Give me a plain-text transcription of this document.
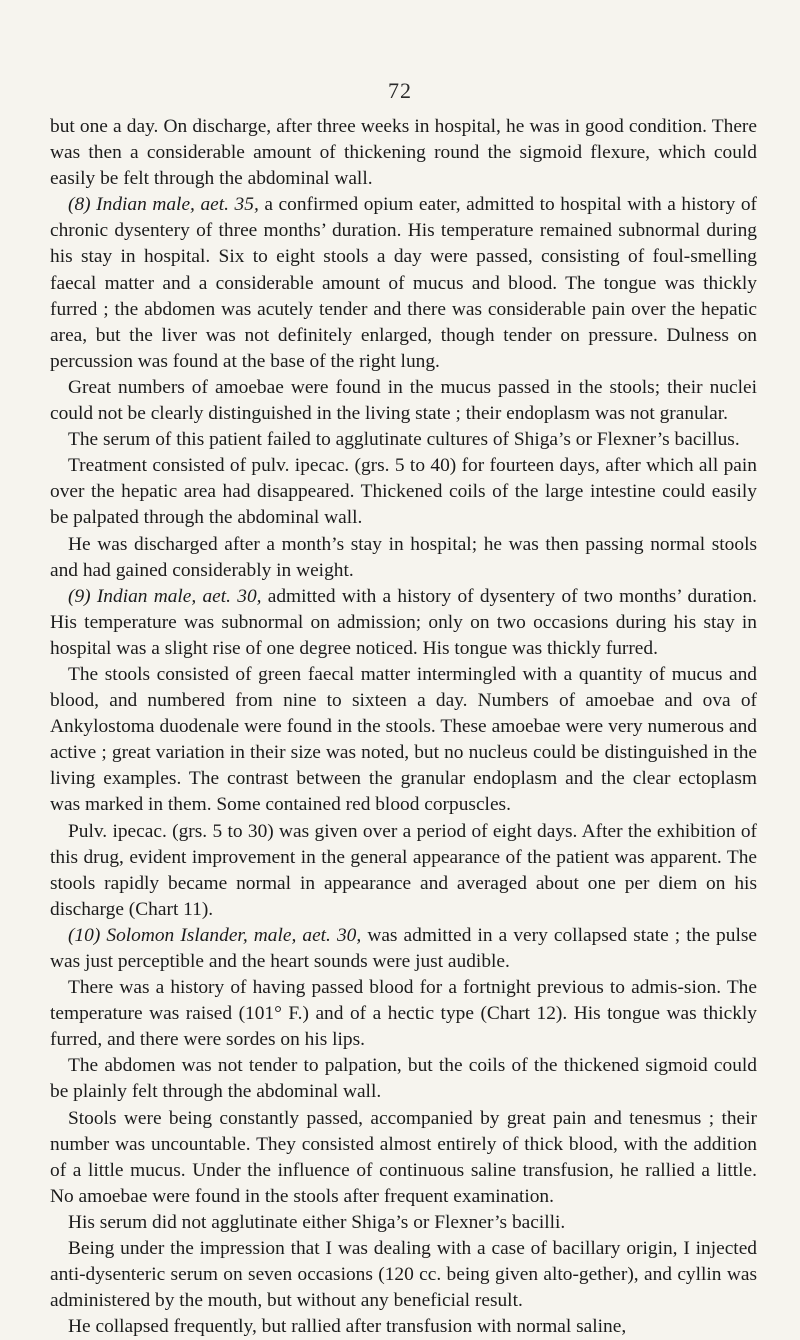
72

but one a day. On discharge, after three weeks in hospital, he was in good condition. There was then a considerable amount of thickening round the sigmoid flexure, which could easily be felt through the abdominal wall.

(8) Indian male, aet. 35, a confirmed opium eater, admitted to hospital with a history of chronic dysentery of three months’ duration. His temperature remained subnormal during his stay in hospital. Six to eight stools a day were passed, consisting of foul-smelling faecal matter and a considerable amount of mucus and blood. The tongue was thickly furred ; the abdomen was acutely tender and there was considerable pain over the hepatic area, but the liver was not definitely enlarged, though tender on pressure. Dulness on percussion was found at the base of the right lung.

Great numbers of amoebae were found in the mucus passed in the stools; their nuclei could not be clearly distinguished in the living state ; their endoplasm was not granular.

The serum of this patient failed to agglutinate cultures of Shiga’s or Flexner’s bacillus.

Treatment consisted of pulv. ipecac. (grs. 5 to 40) for fourteen days, after which all pain over the hepatic area had disappeared. Thickened coils of the large intestine could easily be palpated through the abdominal wall.

He was discharged after a month’s stay in hospital; he was then passing normal stools and had gained considerably in weight.

(9) Indian male, aet. 30, admitted with a history of dysentery of two months’ duration. His temperature was subnormal on admission; only on two occasions during his stay in hospital was a slight rise of one degree noticed. His tongue was thickly furred.

The stools consisted of green faecal matter intermingled with a quantity of mucus and blood, and numbered from nine to sixteen a day. Numbers of amoebae and ova of Ankylostoma duodenale were found in the stools. These amoebae were very numerous and active ; great variation in their size was noted, but no nucleus could be distinguished in the living examples. The contrast between the granular endoplasm and the clear ectoplasm was marked in them. Some contained red blood corpuscles.

Pulv. ipecac. (grs. 5 to 30) was given over a period of eight days. After the exhibition of this drug, evident improvement in the general appearance of the patient was apparent. The stools rapidly became normal in appearance and averaged about one per diem on his discharge (Chart 11).

(10) Solomon Islander, male, aet. 30, was admitted in a very collapsed state ; the pulse was just perceptible and the heart sounds were just audible.

There was a history of having passed blood for a fortnight previous to admis-sion. The temperature was raised (101° F.) and of a hectic type (Chart 12). His tongue was thickly furred, and there were sordes on his lips.

The abdomen was not tender to palpation, but the coils of the thickened sigmoid could be plainly felt through the abdominal wall.

Stools were being constantly passed, accompanied by great pain and tenesmus ; their number was uncountable. They consisted almost entirely of thick blood, with the addition of a little mucus. Under the influence of continuous saline transfusion, he rallied a little. No amoebae were found in the stools after frequent examination.

His serum did not agglutinate either Shiga’s or Flexner’s bacilli.

Being under the impression that I was dealing with a case of bacillary origin, I injected anti-dysenteric serum on seven occasions (120 cc. being given alto-gether), and cyllin was administered by the mouth, but without any beneficial result.

He collapsed frequently, but rallied after transfusion with normal saline,
